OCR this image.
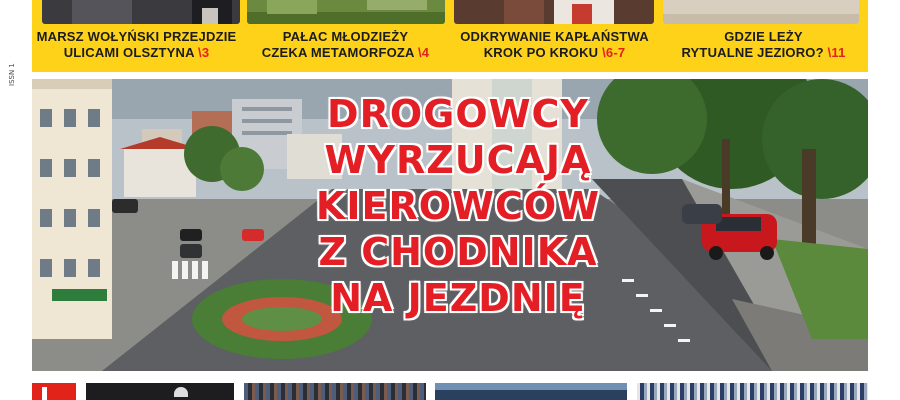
ISSN 1
MARSZ WOŁYŃSKI PRZEJDZIE
ULICAMI OLSZTYNA \3
PAŁAC MŁODZIEŻY
CZEKA METAMORFOZA \4
ODKRYWANIE KAPŁAŃSTWA
KROK PO KROKU \6-7
GDZIE LEŻY
RYTUALNE JEZIORO? \11
DROGOWCY
WYRZUCAJĄ
KIEROWCÓW
Z CHODNIKA
NA JEZDNIĘ
